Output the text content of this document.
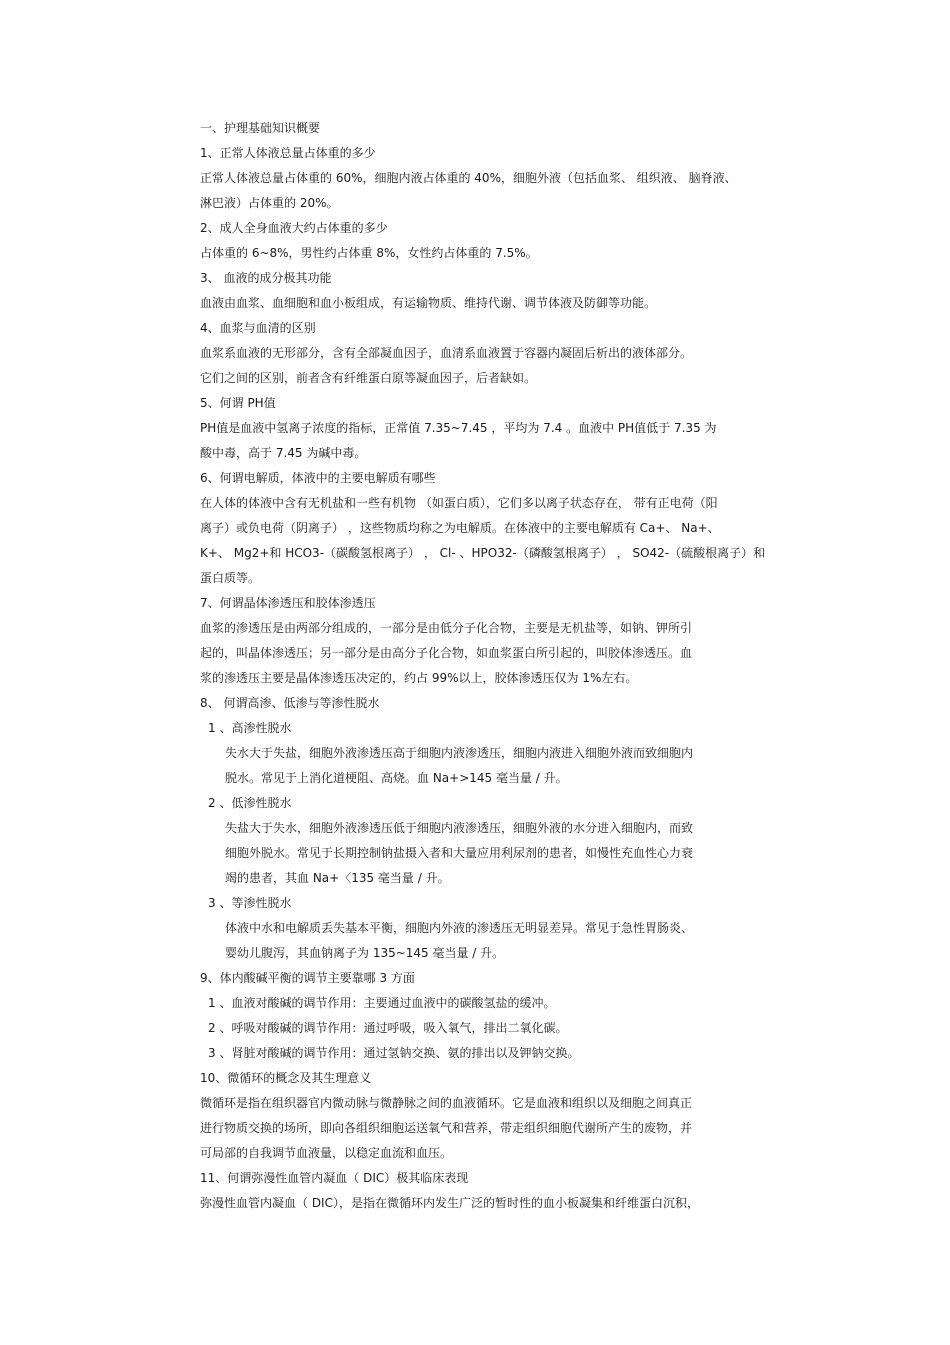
一、护理基础知识概要
1、正常人体液总量占体重的多少
正常人体液总量占体重的 60%，细胞内液占体重的 40%，细胞外液（包括血浆、 组织液、 脑脊液、
淋巴液）占体重的 20%。
2、成人全身血液大约占体重的多少
占体重的 6~8%，男性约占体重 8%，女性约占体重的 7.5%。
3、 血液的成分极其功能
血液由血浆、血细胞和血小板组成，有运输物质、维持代谢、调节体液及防御等功能。
4、血浆与血清的区别
血浆系血液的无形部分，含有全部凝血因子，血清系血液置于容器内凝固后析出的液体部分。
它们之间的区别，前者含有纤维蛋白原等凝血因子，后者缺如。
5、何谓 PH值
PH值是血液中氢离子浓度的指标，正常值 7.35~7.45 ，平均为 7.4 。血液中 PH值低于 7.35 为
酸中毒，高于 7.45 为碱中毒。
6、何谓电解质，体液中的主要电解质有哪些
在人体的体液中含有无机盐和一些有机物 （如蛋白质），它们多以离子状态存在， 带有正电荷（阳
离子）或负电荷（阴离子） ，这些物质均称之为电解质。在体液中的主要电解质有 Ca+、 Na+、
K+、 Mg2+和 HCO3-（碳酸氢根离子） ， Cl- 、HPO32-（磷酸氢根离子） ， SO42-（硫酸根离子）和
蛋白质等。
7、何谓晶体渗透压和胶体渗透压
血浆的渗透压是由两部分组成的，一部分是由低分子化合物，主要是无机盐等，如钠、钾所引
起的，叫晶体渗透压；另一部分是由高分子化合物，如血浆蛋白所引起的，叫胶体渗透压。血
浆的渗透压主要是晶体渗透压决定的，约占 99%以上，胶体渗透压仅为 1%左右。
8、 何谓高渗、低渗与等渗性脱水
1 、高渗性脱水
失水大于失盐，细胞外液渗透压高于细胞内液渗透压，细胞内液进入细胞外液而致细胞内
脱水。常见于上消化道梗阻、高烧。血 Na+>145 毫当量 / 升。
2 、低渗性脱水
失盐大于失水，细胞外液渗透压低于细胞内液渗透压，细胞外液的水分进入细胞内，而致
细胞外脱水。常见于长期控制钠盐摄入者和大量应用利尿剂的患者，如慢性充血性心力衰
竭的患者，其血 Na+〈135 毫当量 / 升。
3 、等渗性脱水
体液中水和电解质丢失基本平衡，细胞内外液的渗透压无明显差异。常见于急性胃肠炎、
婴幼儿腹泻，其血钠离子为 135~145 毫当量 / 升。
9、体内酸碱平衡的调节主要靠哪 3 方面
1 、血液对酸碱的调节作用：主要通过血液中的碳酸氢盐的缓冲。
2 、呼吸对酸碱的调节作用：通过呼吸，吸入氧气，排出二氧化碳。
3 、肾脏对酸碱的调节作用：通过氢钠交换、氨的排出以及钾钠交换。
10、微循环的概念及其生理意义
微循环是指在组织器官内微动脉与微静脉之间的血液循环。它是血液和组织以及细胞之间真正
进行物质交换的场所，即向各组织细胞运送氧气和营养，带走组织细胞代谢所产生的废物，并
可局部的自我调节血液量，以稳定血流和血压。
11、何谓弥漫性血管内凝血（ DIC）极其临床表现
弥漫性血管内凝血（ DIC），是指在微循环内发生广泛的暂时性的血小板凝集和纤维蛋白沉积，
